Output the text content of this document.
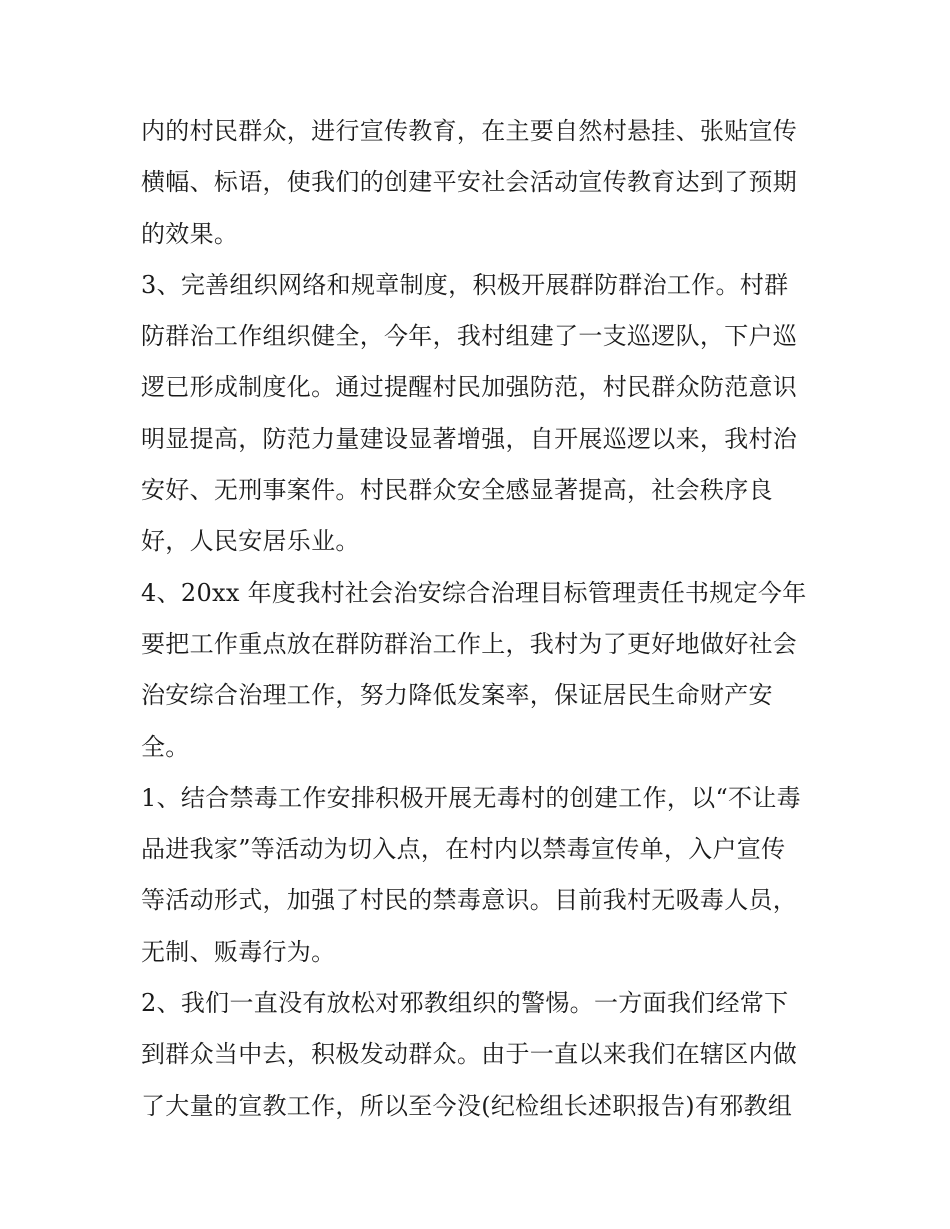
内的村民群众，进行宣传教育，在主要自然村悬挂、张贴宣传
横幅、标语，使我们的创建平安社会活动宣传教育达到了预期
的效果。
3、完善组织网络和规章制度，积极开展群防群治工作。村群
防群治工作组织健全，今年，我村组建了一支巡逻队，下户巡
逻已形成制度化。通过提醒村民加强防范，村民群众防范意识
明显提高，防范力量建设显著增强，自开展巡逻以来，我村治
安好、无刑事案件。村民群众安全感显著提高，社会秩序良
好，人民安居乐业。
4、20xx 年度我村社会治安综合治理目标管理责任书规定今年
要把工作重点放在群防群治工作上，我村为了更好地做好社会
治安综合治理工作，努力降低发案率，保证居民生命财产安
全。
1、结合禁毒工作安排积极开展无毒村的创建工作，以“不让毒
品进我家”等活动为切入点，在村内以禁毒宣传单，入户宣传
等活动形式，加强了村民的禁毒意识。目前我村无吸毒人员，
无制、贩毒行为。
2、我们一直没有放松对邪教组织的警惕。一方面我们经常下
到群众当中去，积极发动群众。由于一直以来我们在辖区内做
了大量的宣教工作，所以至今没(纪检组长述职报告)有邪教组
